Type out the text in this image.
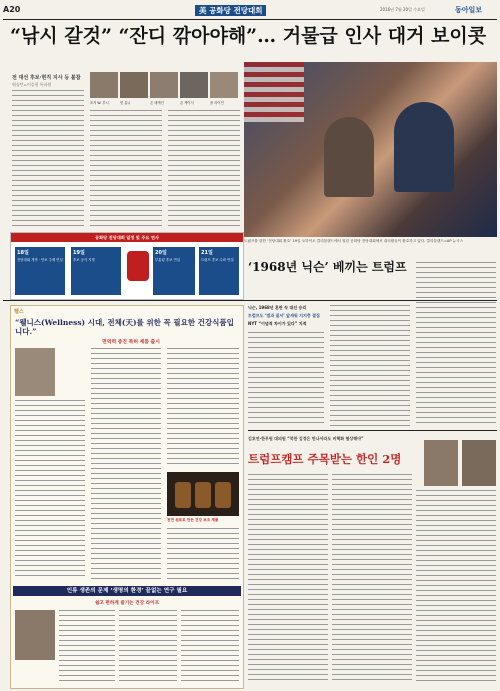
A20	美 공화당 전당대회	2016년 7월 20일 수요일	동아일보
“낚시 갈것” “잔디 깎아야해”… 거물급 인사 대거 보이콧
전 대선 후보·현직 지사 등 불참
워싱턴=이승헌 특파원
조지 W. 부시	밋 롬니	존 매케인	존 케이식	폴 라이언
트럼프를 향한 ‘전당대회 환호’ 19일 오하이오 클리블랜드에서 열린 공화당 전당대회에서 대의원들이 환호하고 있다. 클리블랜드=AP 뉴시스
공화당 전당대회 일정 및 주요 연사
18일
전당대회 개막 · 안보 주제 연설
19일
후보 공식 지명
20일
부통령 후보 연설
21일
트럼프 후보 수락 연설	‘1968년 닉슨’ 베끼는 트럼프
닉슨, 1968년 혼란 속 대선 승리
트럼프도 ‘법과 질서’ 앞세워 지지층 결집
NYT “이념적 차이가 있다” 지적
김호연·한무원 대의원 “북한 김정은 만나서라도 비핵화 협상해야”
트럼프캠프 주목받는 한인 2명
헬스
“웰니스(Wellness) 시대, 전체(天)를 위한 꼭 필요한 건강식품입니다.”
면역력 증진 특허 제품 출시
천연 원료로 만든 건강 보조 제품
인류 생존의 문제 ‘생명의 환경’ 끝없는 연구 필요
쉽고 편하게 즐기는 건강 라이프
